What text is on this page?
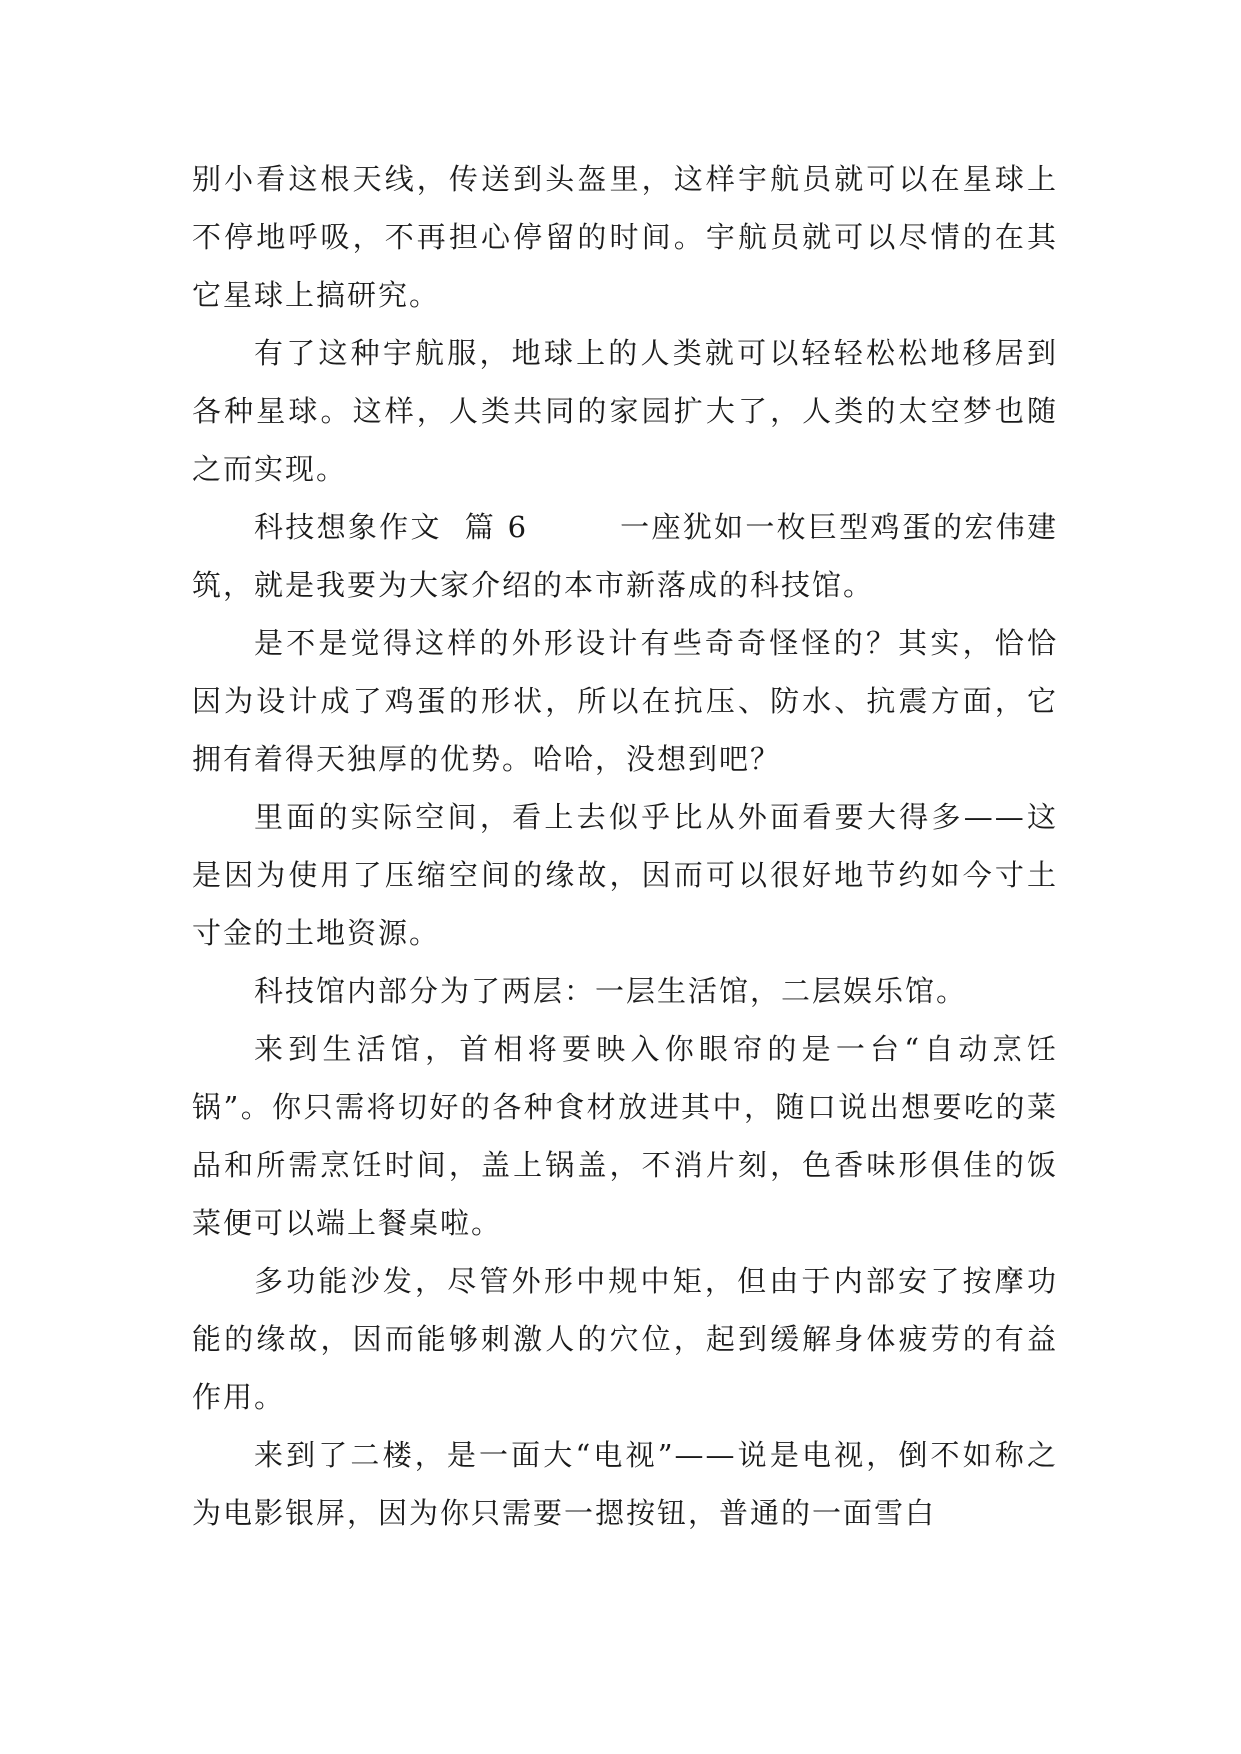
别小看这根天线，传送到头盔里，这样宇航员就可以在星球上不停地呼吸，不再担心停留的时间。宇航员就可以尽情的在其它星球上搞研究。

有了这种宇航服，地球上的人类就可以轻轻松松地移居到各种星球。这样，人类共同的家园扩大了，人类的太空梦也随之而实现。

科技想象作文  篇 6        一座犹如一枚巨型鸡蛋的宏伟建筑，就是我要为大家介绍的本市新落成的科技馆。

是不是觉得这样的外形设计有些奇奇怪怪的？其实，恰恰因为设计成了鸡蛋的形状，所以在抗压、防水、抗震方面，它拥有着得天独厚的优势。哈哈，没想到吧？

里面的实际空间，看上去似乎比从外面看要大得多——这是因为使用了压缩空间的缘故，因而可以很好地节约如今寸土寸金的土地资源。

科技馆内部分为了两层：一层生活馆，二层娱乐馆。

来到生活馆，首相将要映入你眼帘的是一台“自动烹饪锅”。你只需将切好的各种食材放进其中，随口说出想要吃的菜品和所需烹饪时间，盖上锅盖，不消片刻，色香味形俱佳的饭菜便可以端上餐桌啦。

多功能沙发，尽管外形中规中矩，但由于内部安了按摩功能的缘故，因而能够刺激人的穴位，起到缓解身体疲劳的有益作用。

来到了二楼，是一面大“电视”——说是电视，倒不如称之为电影银屏，因为你只需要一摁按钮，普通的一面雪白
